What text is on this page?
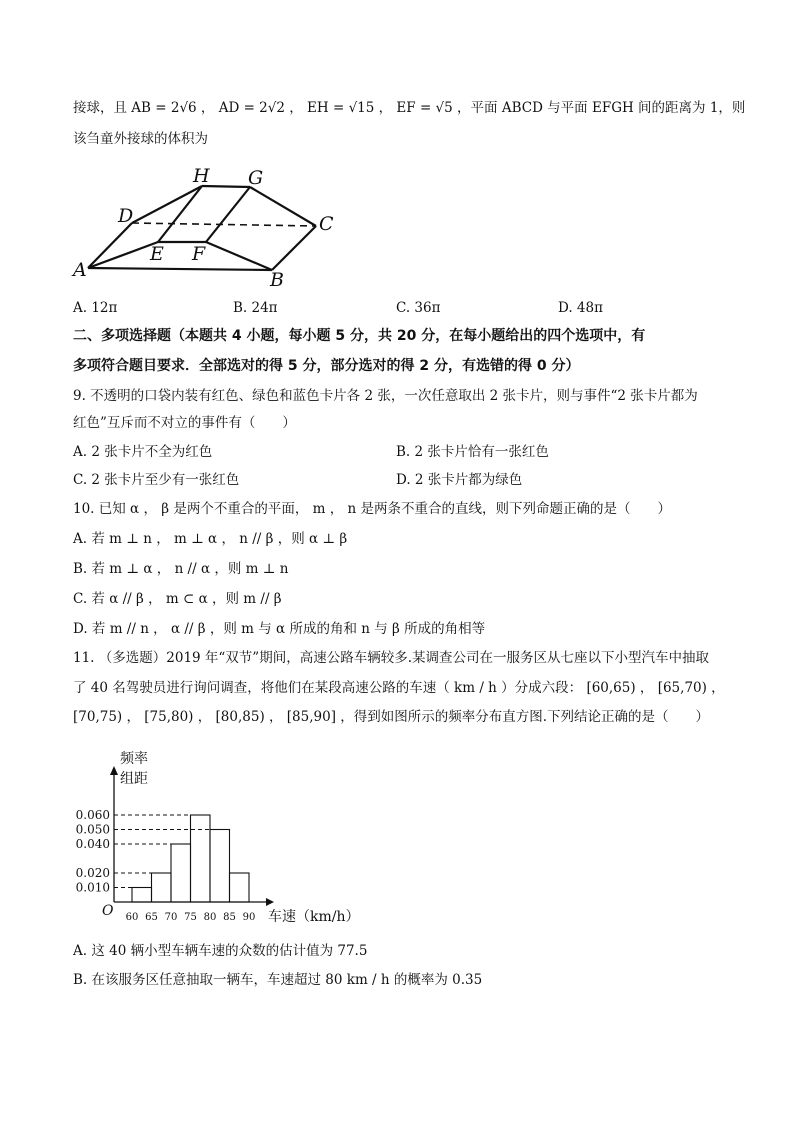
接球，且 AB = 2√6 ， AD = 2√2 ， EH = √15 ， EF = √5 ，平面 ABCD 与平面 EFGH 间的距离为 1，则
该刍童外接球的体积为
H G
D	C
E F
A	B
A. 12π	B. 24π	C. 36π	D. 48π
二、多项选择题（本题共 4 小题，每小题 5 分，共 20 分，在每小题给出的四个选项中，有
多项符合题目要求．全部选对的得 5 分，部分选对的得 2 分，有选错的得 0 分）
9. 不透明的口袋内装有红色、绿色和蓝色卡片各 2 张，一次任意取出 2 张卡片，则与事件“2 张卡片都为
红色”互斥而不对立的事件有（　　）
A. 2 张卡片不全为红色	B. 2 张卡片恰有一张红色
C. 2 张卡片至少有一张红色	D. 2 张卡片都为绿色
10. 已知 α ， β 是两个不重合的平面， m ， n 是两条不重合的直线，则下列命题正确的是（　　）
A. 若 m ⊥ n ， m ⊥ α ， n // β ，则 α ⊥ β
B. 若 m ⊥ α ， n // α ，则 m ⊥ n
C. 若 α // β ， m ⊂ α ，则 m // β
D. 若 m // n ， α // β ，则 m 与 α 所成的角和 n 与 β 所成的角相等
11. （多选题）2019 年“双节”期间，高速公路车辆较多.某调查公司在一服务区从七座以下小型汽车中抽取
了 40 名驾驶员进行询问调查，将他们在某段高速公路的车速（ km / h ）分成六段： [60,65) ， [65,70) ，
[70,75) ， [75,80) ， [80,85) ， [85,90] ，得到如图所示的频率分布直方图.下列结论正确的是（　　）
频率
组距
O	车速（km/h）
0.010
0.020
0.040
0.050
0.060
60 65 70 75 80 85 90
A. 这 40 辆小型车辆车速的众数的估计值为 77.5
B. 在该服务区任意抽取一辆车，车速超过 80 km / h 的概率为 0.35
